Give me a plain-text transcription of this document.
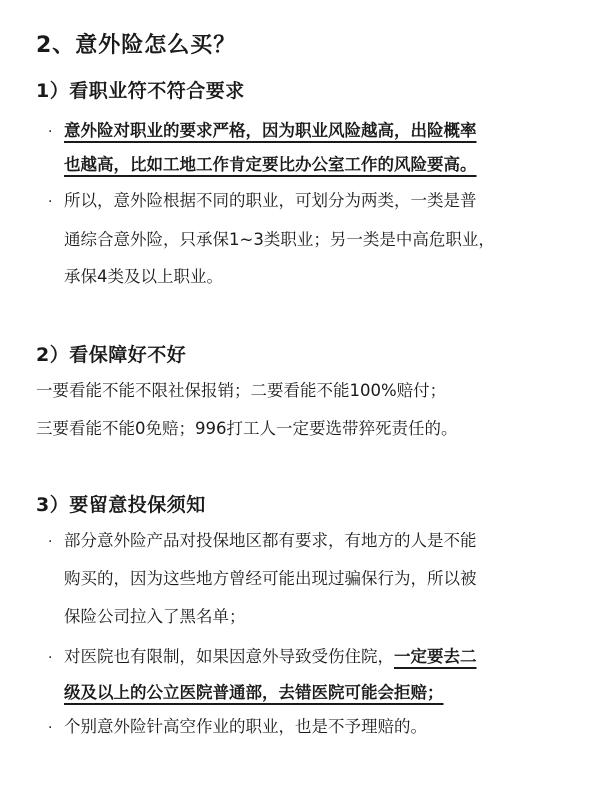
2、意外险怎么买？
1）看职业符不符合要求
· 意外险对职业的要求严格，因为职业风险越高，出险概率
也越高，比如工地工作肯定要比办公室工作的风险要高。
· 所以，意外险根据不同的职业，可划分为两类，一类是普
通综合意外险，只承保1~3类职业；另一类是中高危职业，
承保4类及以上职业。
2）看保障好不好
一要看能不能不限社保报销；二要看能不能100%赔付；
三要看能不能0免赔；996打工人一定要选带猝死责任的。
3）要留意投保须知
· 部分意外险产品对投保地区都有要求，有地方的人是不能
购买的，因为这些地方曾经可能出现过骗保行为，所以被
保险公司拉入了黑名单；
· 对医院也有限制，如果因意外导致受伤住院，一定要去二
级及以上的公立医院普通部，去错医院可能会拒赔；
· 个别意外险针高空作业的职业，也是不予理赔的。
